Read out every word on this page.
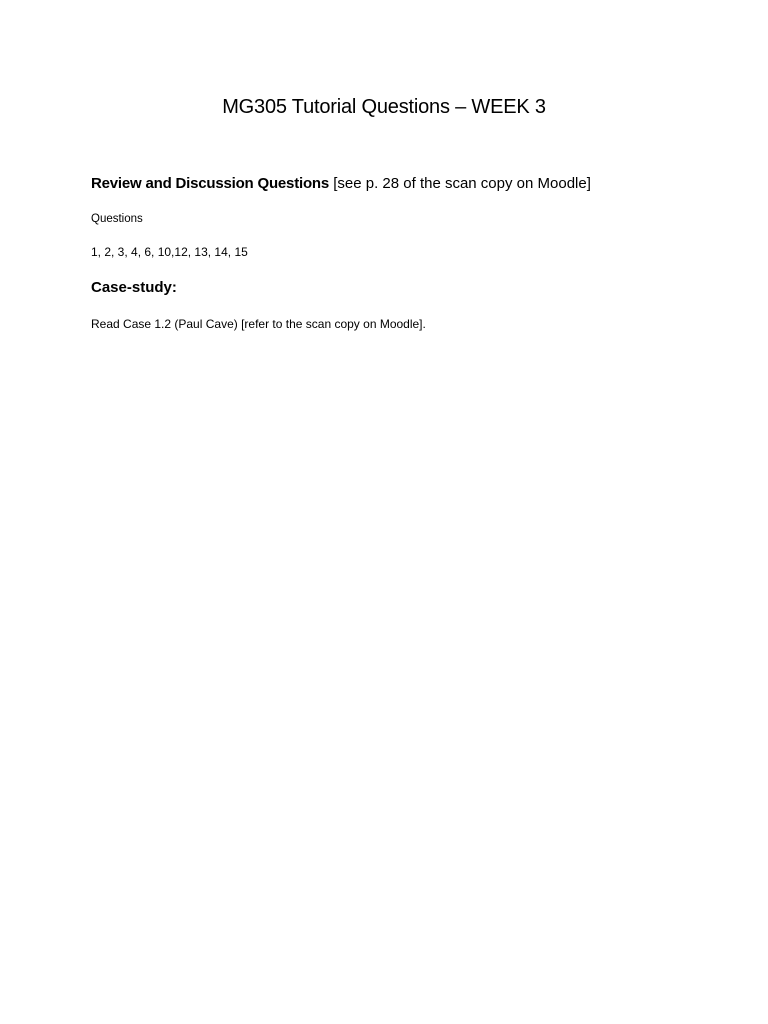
MG305 Tutorial Questions – WEEK 3

Review and Discussion Questions [see p. 28 of the scan copy on Moodle]

Questions

1, 2, 3, 4, 6, 10,12, 13, 14, 15

Case-study:

Read Case 1.2 (Paul Cave) [refer to the scan copy on Moodle].
